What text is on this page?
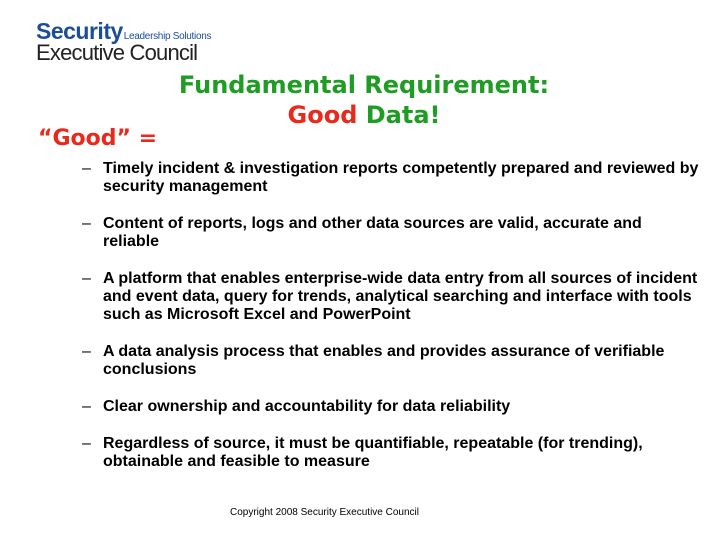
Security Leadership Solutions
Executive Council
Fundamental Requirement:
Good Data!
“Good” =
– Timely incident & investigation reports competently prepared and reviewed by security management
– Content of reports, logs and other data sources are valid, accurate and reliable
– A platform that enables enterprise-wide data entry from all sources of incident and event data, query for trends, analytical searching and interface with tools such as Microsoft Excel and PowerPoint
– A data analysis process that enables and provides assurance of verifiable conclusions
– Clear ownership and accountability for data reliability
– Regardless of source, it must be quantifiable, repeatable (for trending), obtainable and feasible to measure
Copyright 2008 Security Executive Council
